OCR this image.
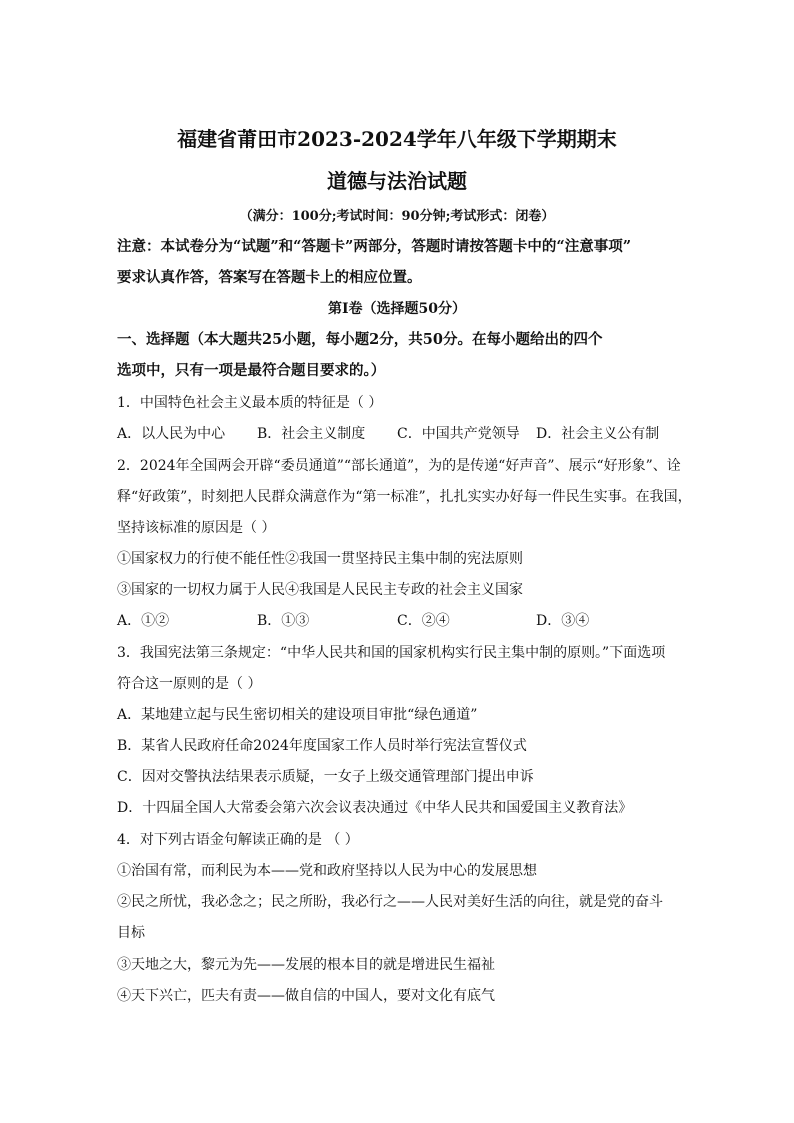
福建省莆田市2023-2024学年八年级下学期期末
道德与法治试题
（满分：100分;考试时间：90分钟;考试形式：闭卷）
注意：本试卷分为“试题”和“答题卡”两部分，答题时请按答题卡中的“注意事项”
要求认真作答，答案写在答题卡上的相应位置。
第Ⅰ卷（选择题50分）
一、选择题（本大题共25小题，每小题2分，共50分。在每小题给出的四个
选项中，只有一项是最符合题目要求的。）
1．中国特色社会主义最本质的特征是（ ）
A．以人民为中心 B．社会主义制度 C．中国共产党领导 D．社会主义公有制
2．2024年全国两会开辟“委员通道”“部长通道”，为的是传递“好声音”、展示“好形象”、诠
释“好政策”，时刻把人民群众满意作为“第一标准”，扎扎实实办好每一件民生实事。在我国，
坚持该标准的原因是（ ）
①国家权力的行使不能任性②我国一贯坚持民主集中制的宪法原则
③国家的一切权力属于人民④我国是人民民主专政的社会主义国家
A．①②	B．①③	C．②④	D．③④
3．我国宪法第三条规定：“中华人民共和国的国家机构实行民主集中制的原则。”下面选项
符合这一原则的是（ ）
A．某地建立起与民生密切相关的建设项目审批“绿色通道”
B．某省人民政府任命2024年度国家工作人员时举行宪法宣誓仪式
C．因对交警执法结果表示质疑，一女子上级交通管理部门提出申诉
D．十四届全国人大常委会第六次会议表决通过《中华人民共和国爱国主义教育法》
4．对下列古语金句解读正确的是 （ ）
①治国有常，而利民为本——党和政府坚持以人民为中心的发展思想
②民之所忧，我必念之；民之所盼，我必行之——人民对美好生活的向往，就是党的奋斗
目标
③天地之大，黎元为先——发展的根本目的就是增进民生福祉
④天下兴亡，匹夫有责——做自信的中国人，要对文化有底气
